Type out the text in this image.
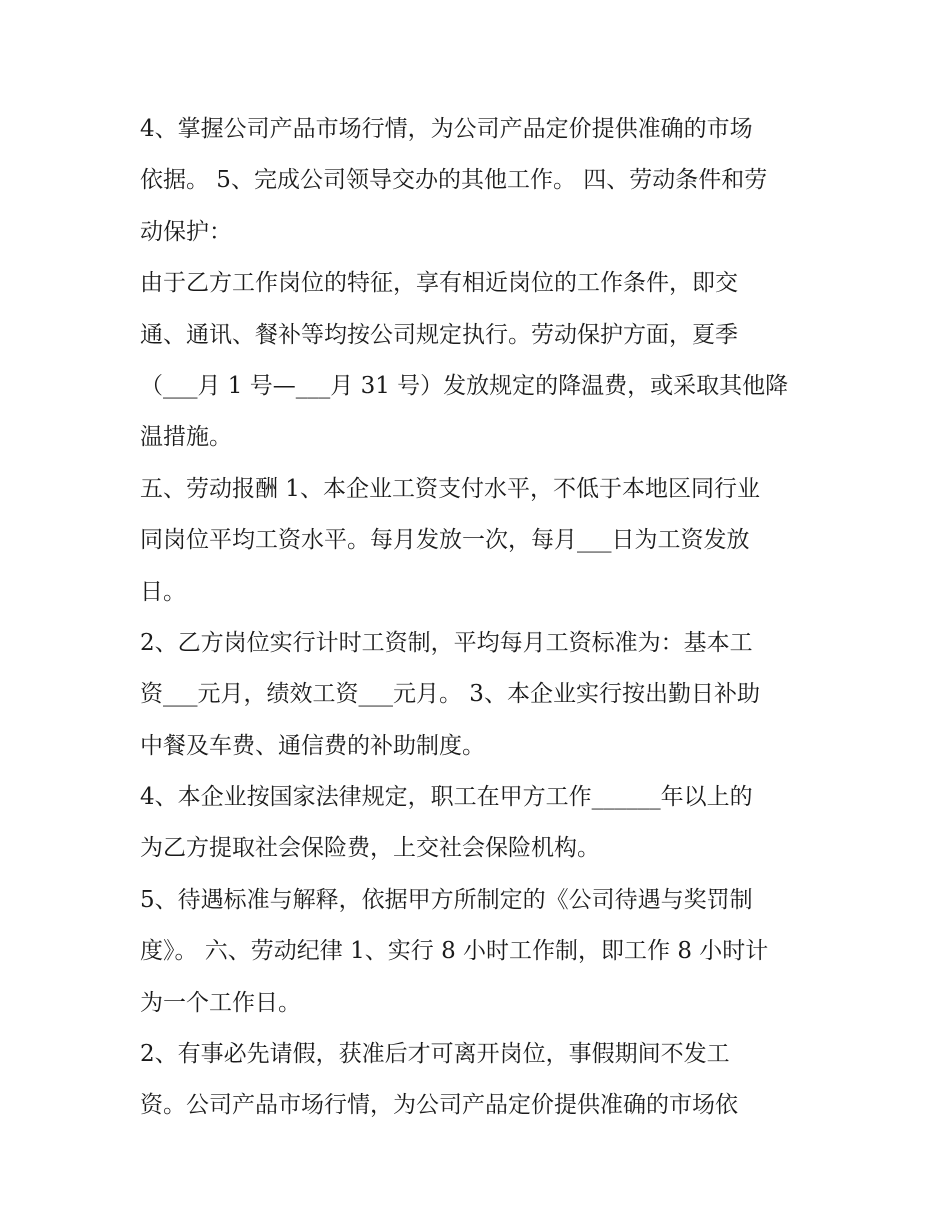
4、掌握公司产品市场行情，为公司产品定价提供准确的市场
依据。 5、完成公司领导交办的其他工作。 四、劳动条件和劳
动保护：
由于乙方工作岗位的特征，享有相近岗位的工作条件，即交
通、通讯、餐补等均按公司规定执行。劳动保护方面，夏季
（___月 1 号—___月 31 号）发放规定的降温费，或采取其他降
温措施。
五、劳动报酬 1、本企业工资支付水平，不低于本地区同行业
同岗位平均工资水平。每月发放一次，每月___日为工资发放
日。
2、乙方岗位实行计时工资制，平均每月工资标准为：基本工
资___元月，绩效工资___元月。 3、本企业实行按出勤日补助
中餐及车费、通信费的补助制度。
4、本企业按国家法律规定，职工在甲方工作______年以上的
为乙方提取社会保险费，上交社会保险机构。
5、待遇标准与解释，依据甲方所制定的《公司待遇与奖罚制
度》。 六、劳动纪律 1、实行 8 小时工作制，即工作 8 小时计
为一个工作日。
2、有事必先请假，获准后才可离开岗位，事假期间不发工
资。公司产品市场行情，为公司产品定价提供准确的市场依
